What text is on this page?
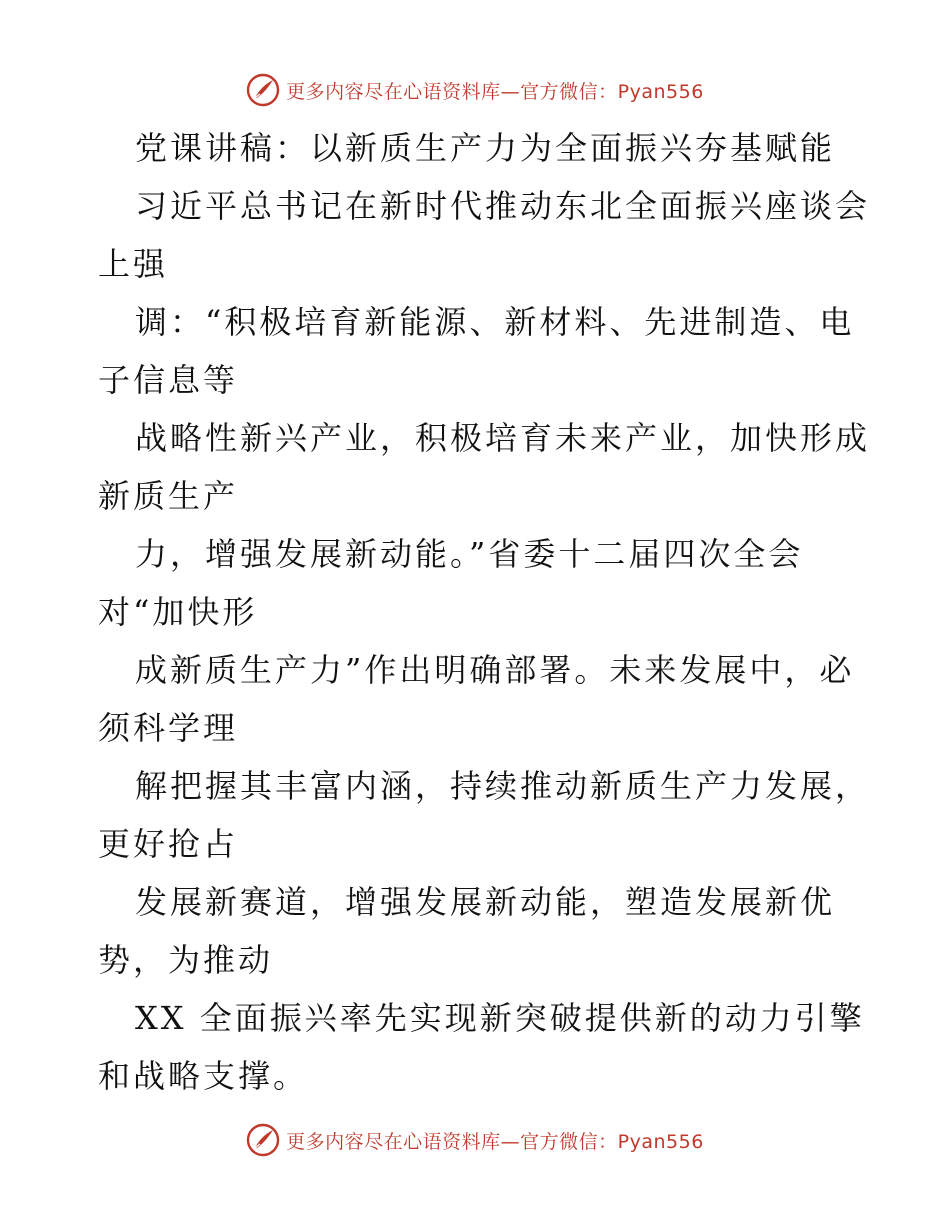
更多内容尽在心语资料库—官方微信：Pyan556
党课讲稿：以新质生产力为全面振兴夯基赋能
习近平总书记在新时代推动东北全面振兴座谈会
上强
调：“积极培育新能源、新材料、先进制造、电
子信息等
战略性新兴产业，积极培育未来产业，加快形成
新质生产
力，增强发展新动能。”省委十二届四次全会
对“加快形
成新质生产力”作出明确部署。未来发展中，必
须科学理
解把握其丰富内涵，持续推动新质生产力发展，
更好抢占
发展新赛道，增强发展新动能，塑造发展新优
势，为推动
XX 全面振兴率先实现新突破提供新的动力引擎
和战略支撑。
更多内容尽在心语资料库—官方微信：Pyan556
